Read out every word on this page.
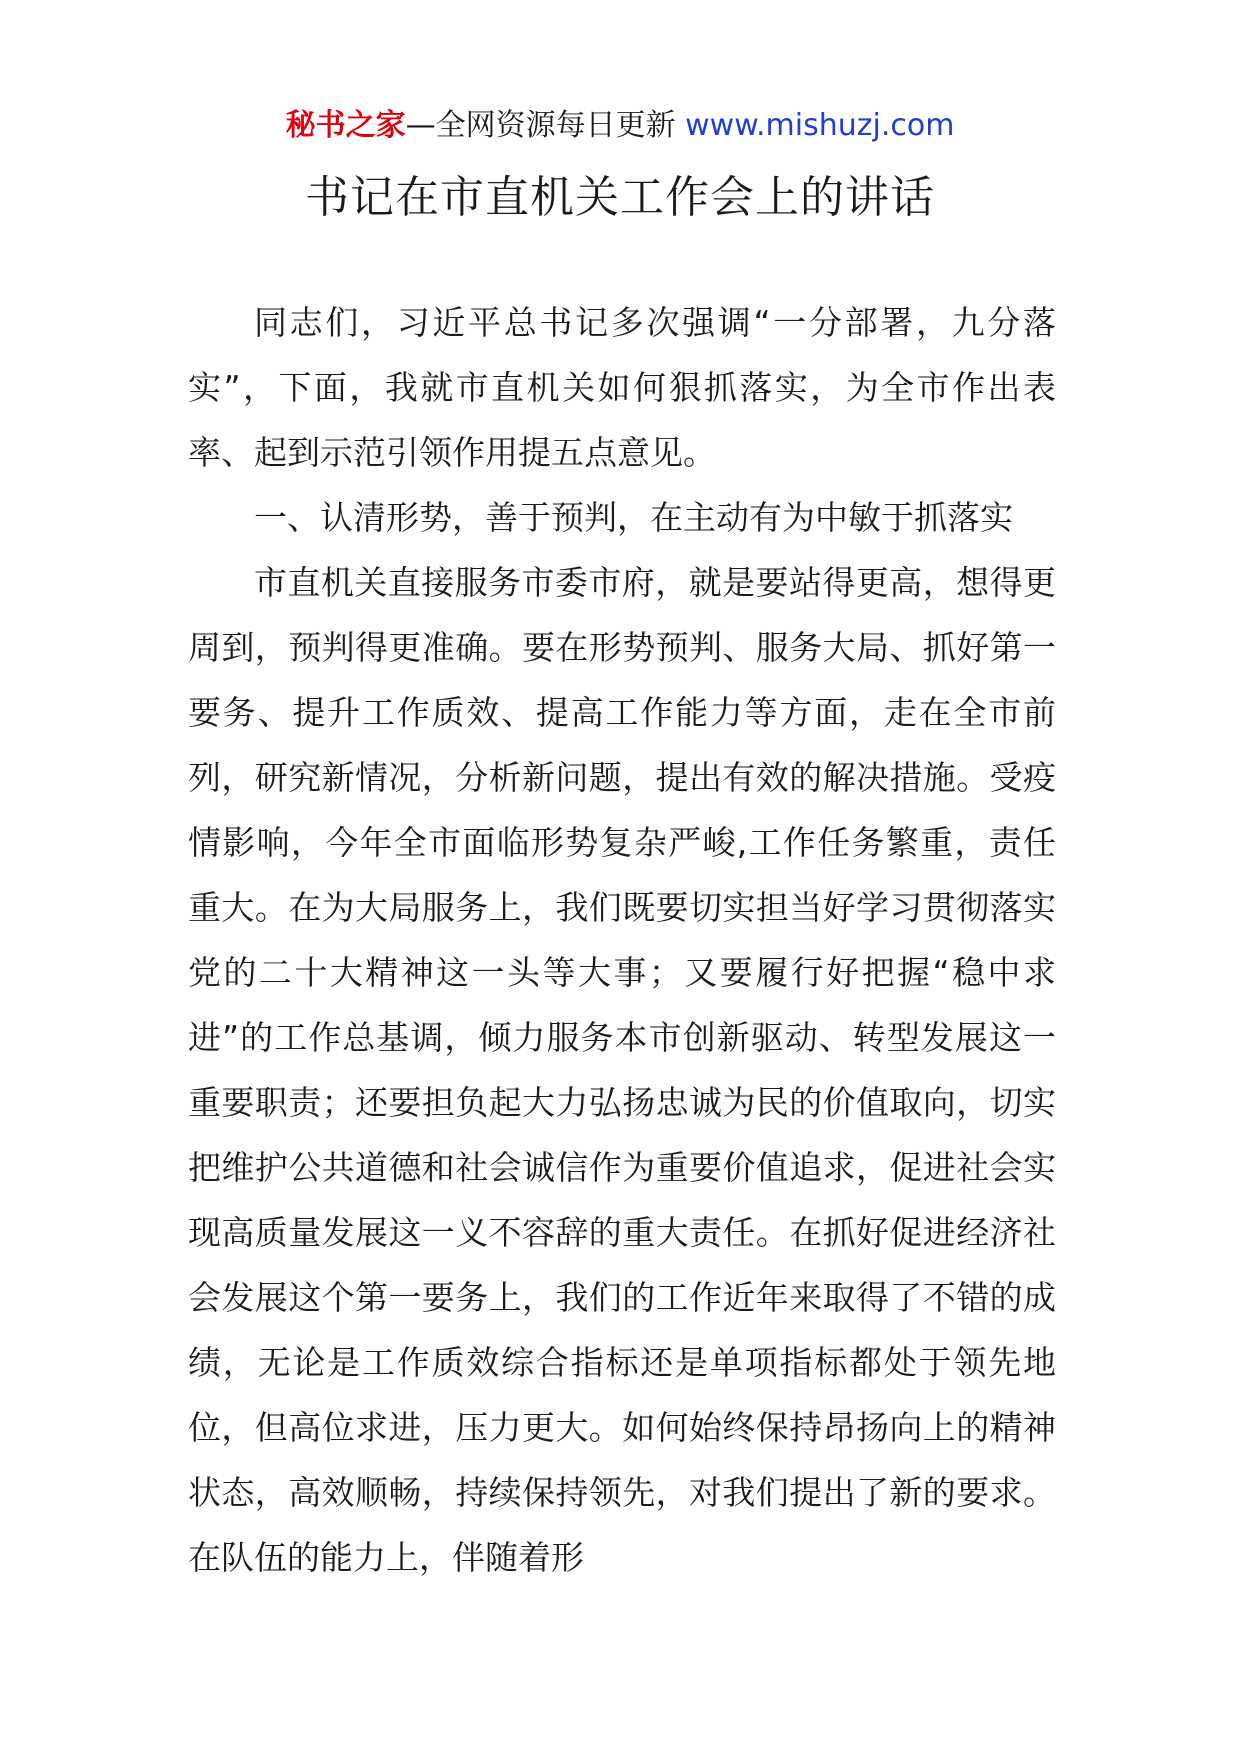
秘书之家—全网资源每日更新 www.mishuzj.com
书记在市直机关工作会上的讲话

同志们，习近平总书记多次强调“一分部署，九分落实”，下面，我就市直机关如何狠抓落实，为全市作出表率、起到示范引领作用提五点意见。

一、认清形势，善于预判，在主动有为中敏于抓落实

市直机关直接服务市委市府，就是要站得更高，想得更周到，预判得更准确。要在形势预判、服务大局、抓好第一要务、提升工作质效、提高工作能力等方面，走在全市前列，研究新情况，分析新问题，提出有效的解决措施。受疫情影响，今年全市面临形势复杂严峻,工作任务繁重，责任重大。在为大局服务上，我们既要切实担当好学习贯彻落实党的二十大精神这一头等大事；又要履行好把握“稳中求进”的工作总基调，倾力服务本市创新驱动、转型发展这一重要职责；还要担负起大力弘扬忠诚为民的价值取向，切实把维护公共道德和社会诚信作为重要价值追求，促进社会实现高质量发展这一义不容辞的重大责任。在抓好促进经济社会发展这个第一要务上，我们的工作近年来取得了不错的成绩，无论是工作质效综合指标还是单项指标都处于领先地位，但高位求进，压力更大。如何始终保持昂扬向上的精神状态，高效顺畅，持续保持领先，对我们提出了新的要求。在队伍的能力上，伴随着形
